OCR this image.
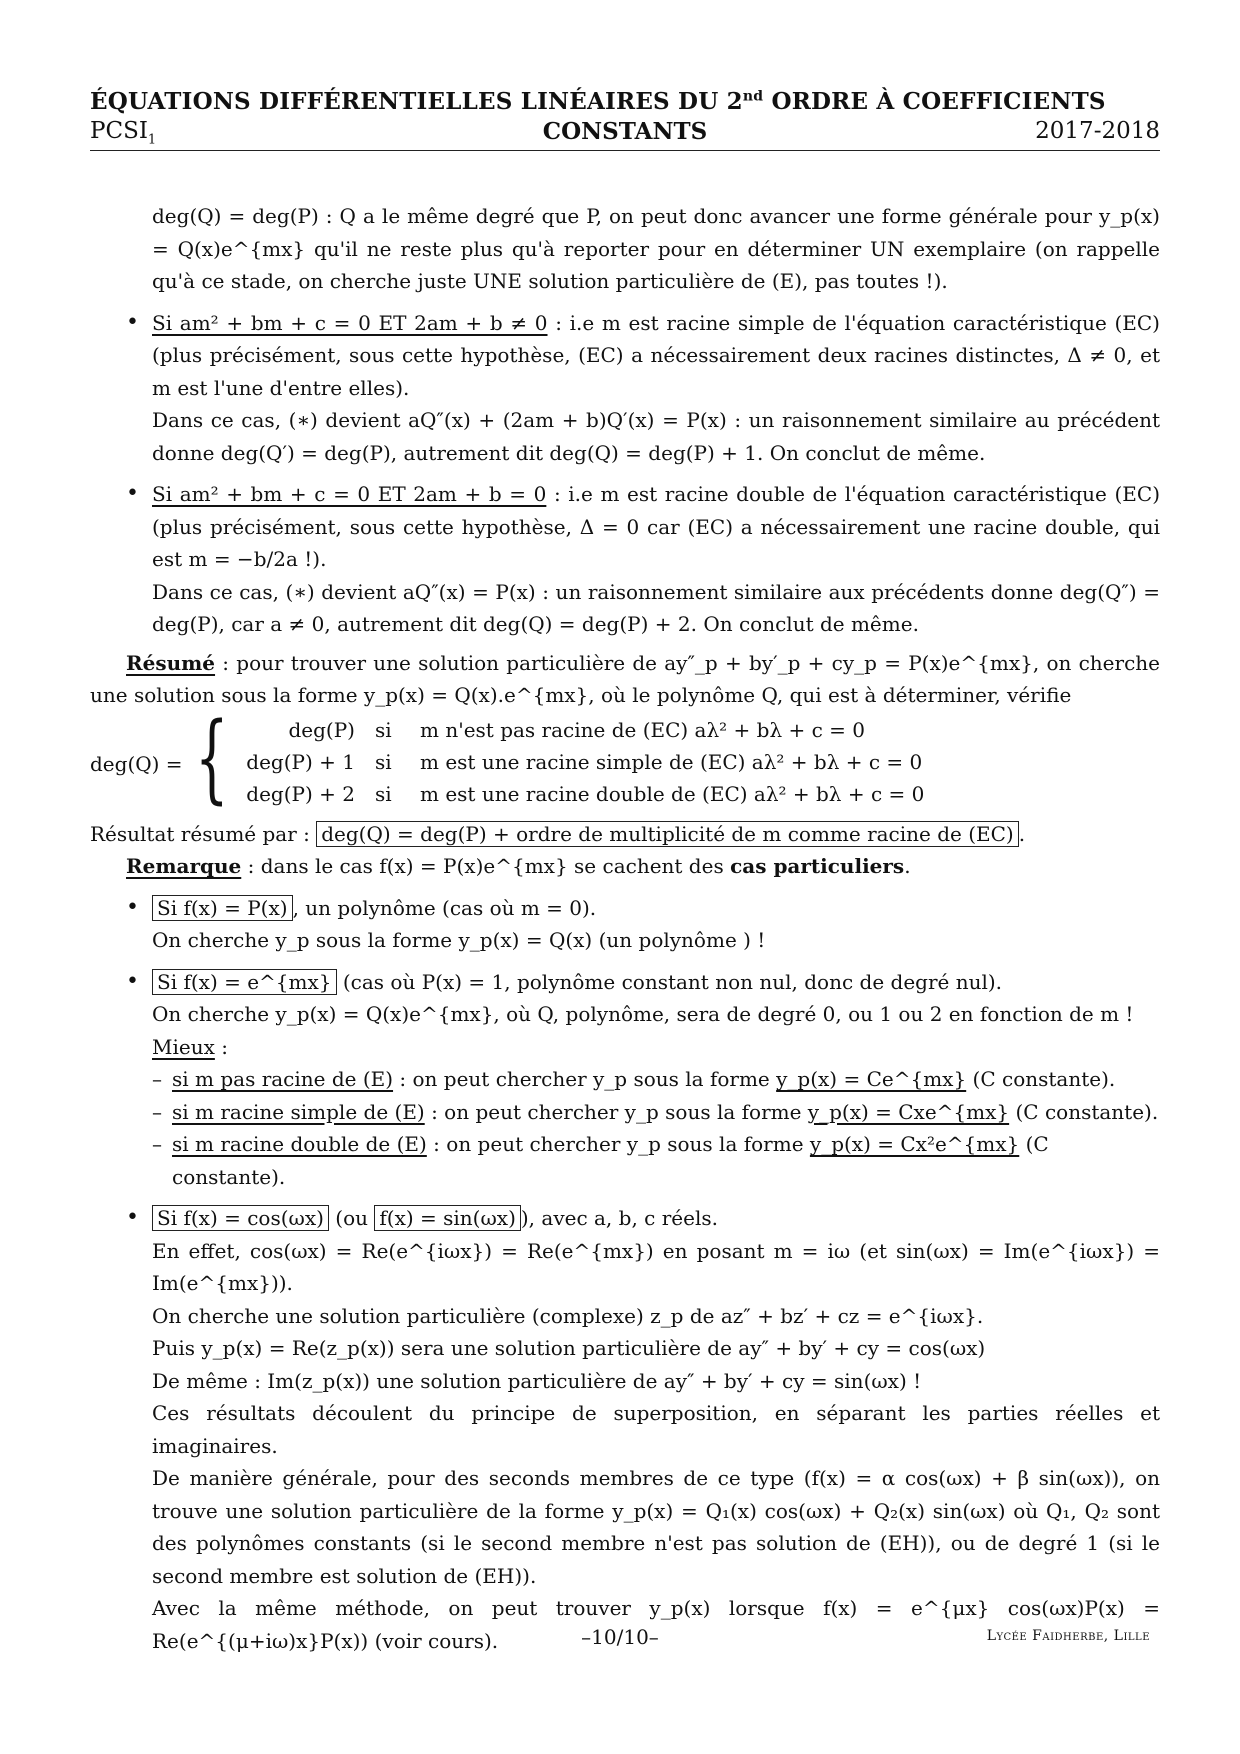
ÉQUATIONS DIFFÉRENTIELLES LINÉAIRES DU 2nd ORDRE À COEFFICIENTS
$PCSI_1$	CONSTANTS	2017-2018

deg(Q) = deg(P) : Q a le même degré que P, on peut donc avancer une forme générale pour y_p(x) = Q(x)e^{mx} qu'il ne reste plus qu'à reporter pour en déterminer UN exemplaire (on rappelle qu'à ce stade, on cherche juste UNE solution particulière de (E), pas toutes !).

• Si am² + bm + c = 0 ET 2am + b ≠ 0 : i.e m est racine simple de l'équation caractéristique (EC) (plus précisément, sous cette hypothèse, (EC) a nécessairement deux racines distinctes, Δ ≠ 0, et m est l'une d'entre elles).

Dans ce cas, (∗) devient aQ″(x) + (2am + b)Q′(x) = P(x) : un raisonnement similaire au précédent donne deg(Q′) = deg(P), autrement dit deg(Q) = deg(P) + 1. On conclut de même.

• Si am² + bm + c = 0 ET 2am + b = 0 : i.e m est racine double de l'équation caractéristique (EC) (plus précisément, sous cette hypothèse, Δ = 0 car (EC) a nécessairement une racine double, qui est m = −b/2a !).

Dans ce cas, (∗) devient aQ″(x) = P(x) : un raisonnement similaire aux précédents donne deg(Q″) = deg(P), car a ≠ 0, autrement dit deg(Q) = deg(P) + 2. On conclut de même.

Résumé : pour trouver une solution particulière de ay″_p + by′_p + cy_p = P(x)e^{mx}, on cherche une solution sous la forme y_p(x) = Q(x).e^{mx}, où le polynôme Q, qui est à déterminer, vérifie

deg(Q) = {	deg(P) si m n'est pas racine de (EC) aλ² + bλ + c = 0
deg(P) + 1 si m est une racine simple de (EC) aλ² + bλ + c = 0
deg(P) + 2 si m est une racine double de (EC) aλ² + bλ + c = 0

Résultat résumé par : deg(Q) = deg(P) + ordre de multiplicité de m comme racine de (EC) .

Remarque : dans le cas f(x) = P(x)e^{mx} se cachent des cas particuliers.

• Si f(x) = P(x) , un polynôme (cas où m = 0).

On cherche y_p sous la forme y_p(x) = Q(x) (un polynôme ) !

• Si f(x) = e^{mx} (cas où P(x) = 1, polynôme constant non nul, donc de degré nul).

On cherche y_p(x) = Q(x)e^{mx}, où Q, polynôme, sera de degré 0, ou 1 ou 2 en fonction de m !

Mieux :

– si m pas racine de (E) : on peut chercher y_p sous la forme y_p(x) = Ce^{mx} (C constante).
– si m racine simple de (E) : on peut chercher y_p sous la forme y_p(x) = Cxe^{mx} (C constante).
– si m racine double de (E) : on peut chercher y_p sous la forme y_p(x) = Cx²e^{mx} (C constante).
• Si f(x) = cos(ωx) (ou f(x) = sin(ωx) ), avec a, b, c réels.

En effet, cos(ωx) = Re(e^{iωx}) = Re(e^{mx}) en posant m = iω (et sin(ωx) = Im(e^{iωx}) = Im(e^{mx})).

On cherche une solution particulière (complexe) z_p de az″ + bz′ + cz = e^{iωx}.

Puis y_p(x) = Re(z_p(x)) sera une solution particulière de ay″ + by′ + cy = cos(ωx)

De même : Im(z_p(x)) une solution particulière de ay″ + by′ + cy = sin(ωx) !

Ces résultats découlent du principe de superposition, en séparant les parties réelles et imaginaires.

De manière générale, pour des seconds membres de ce type (f(x) = α cos(ωx) + β sin(ωx)), on trouve une solution particulière de la forme y_p(x) = Q₁(x) cos(ωx) + Q₂(x) sin(ωx) où Q₁, Q₂ sont des polynômes constants (si le second membre n'est pas solution de (EH)), ou de degré 1 (si le second membre est solution de (EH)).

Avec la même méthode, on peut trouver y_p(x) lorsque f(x) = e^{μx} cos(ωx)P(x) = Re(e^{(μ+iω)x}P(x)) (voir cours).	–10/10–	Lycée Faidherbe, Lille
